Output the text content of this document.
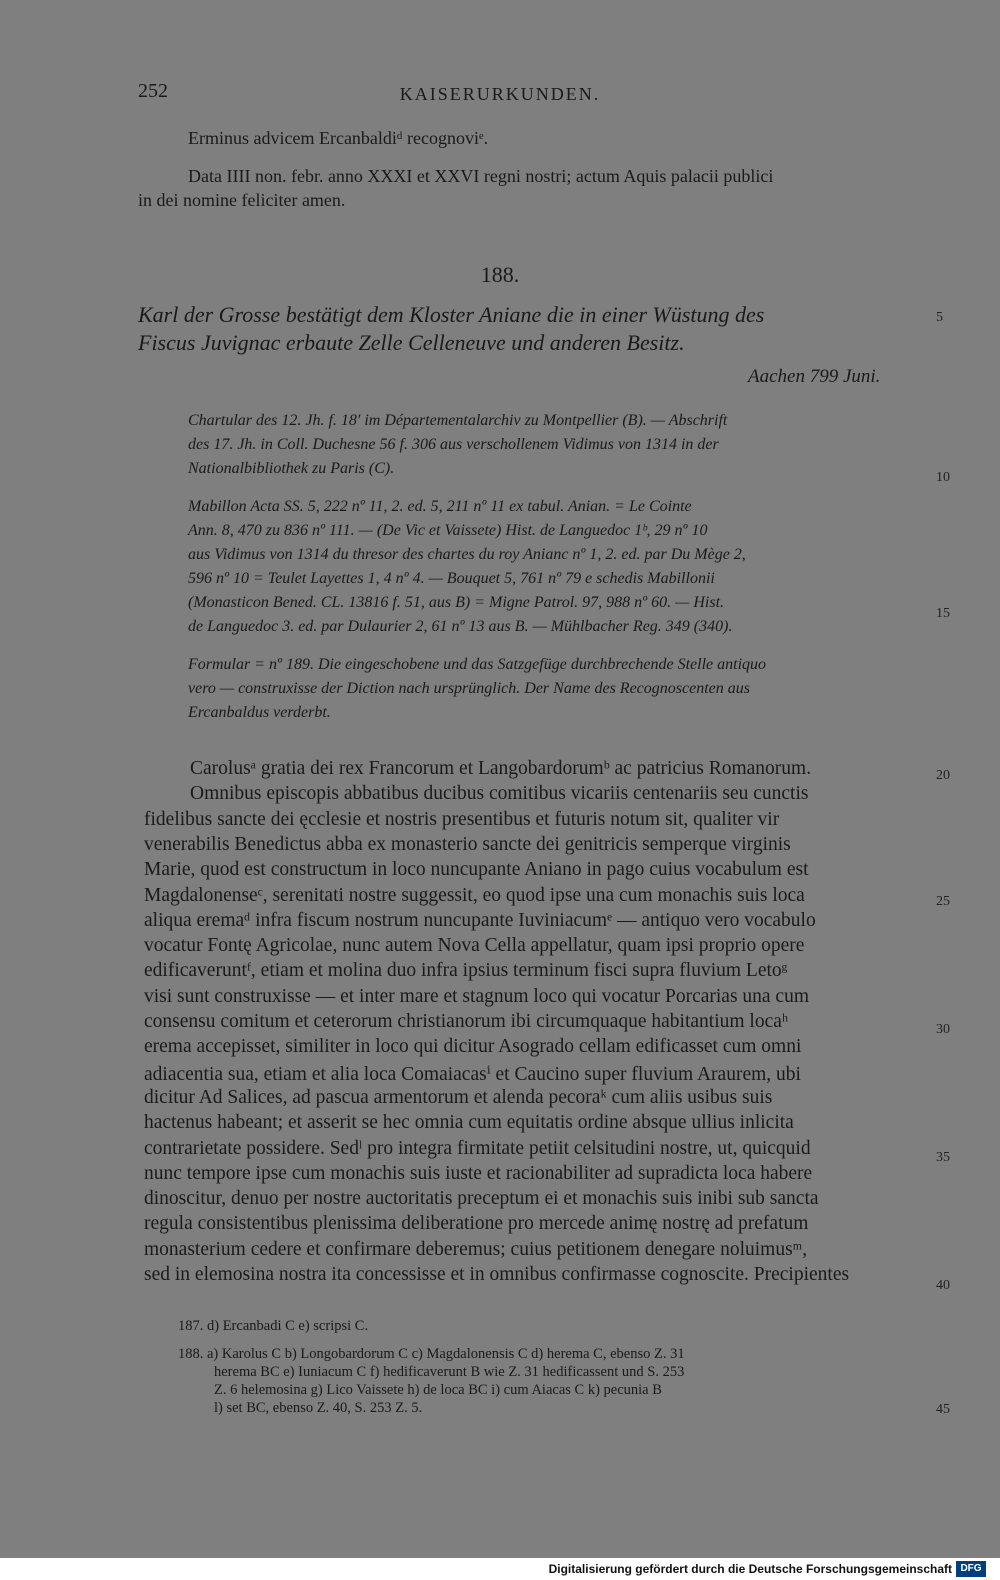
252	KAISERURKUNDEN.
Erminus advicem Ercanbaldiᵈ recognoviᵉ.
Data IIII non. febr. anno XXXI et XXVI regni nostri; actum Aquis palacii publici
in dei nomine feliciter amen.
188.
Karl der Grosse bestätigt dem Kloster Aniane die in einer Wüstung des
Fiscus Juvignac erbaute Zelle Celleneuve und anderen Besitz.
5
Aachen 799 Juni.
Chartular des 12. Jh. f. 18' im Départementalarchiv zu Montpellier (B). — Abschrift
des 17. Jh. in Coll. Duchesne 56 f. 306 aus verschollenem Vidimus von 1314 in der
Nationalbibliothek zu Paris (C).
10
Mabillon Acta SS. 5, 222 nº 11, 2. ed. 5, 211 nº 11 ex tabul. Anian. = Le Cointe
Ann. 8, 470 zu 836 nº 111. — (De Vic et Vaissete) Hist. de Languedoc 1ᵇ, 29 nº 10
aus Vidimus von 1314 du thresor des chartes du roy Anianc nº 1, 2. ed. par Du Mège 2,
596 nº 10 = Teulet Layettes 1, 4 nº 4. — Bouquet 5, 761 nº 79 e schedis Mabillonii
(Monasticon Bened. CL. 13816 f. 51, aus B) = Migne Patrol. 97, 988 nº 60. — Hist.
de Languedoc 3. ed. par Dulaurier 2, 61 nº 13 aus B. — Mühlbacher Reg. 349 (340).
15
Formular = nº 189. Die eingeschobene und das Satzgefüge durchbrechende Stelle antiquo
vero — construxisse der Diction nach ursprünglich. Der Name des Recognoscenten aus
Ercanbaldus verderbt.
Carolusᵃ gratia dei rex Francorum et Langobardorumᵇ ac patricius Romanorum.
Omnibus episcopis abbatibus ducibus comitibus vicariis centenariis seu cunctis
fidelibus sancte dei ęcclesie et nostris presentibus et futuris notum sit, qualiter vir
venerabilis Benedictus abba ex monasterio sancte dei genitricis semperque virginis
Marie, quod est constructum in loco nuncupante Aniano in pago cuius vocabulum est
Magdalonenseᶜ, serenitati nostre suggessit, eo quod ipse una cum monachis suis loca
aliqua eremaᵈ infra fiscum nostrum nuncupante Iuviniacumᵉ — antiquo vero vocabulo
vocatur Fontę Agricolae, nunc autem Nova Cella appellatur, quam ipsi proprio opere
edificaveruntᶠ, etiam et molina duo infra ipsius terminum fisci supra fluvium Letoᵍ
visi sunt construxisse — et inter mare et stagnum loco qui vocatur Porcarias una cum
consensu comitum et ceterorum christianorum ibi circumquaque habitantium locaʰ
erema accepisset, similiter in loco qui dicitur Asogrado cellam edificasset cum omni
adiacentia sua, etiam et alia loca Comaiacasⁱ et Caucino super fluvium Araurem, ubi
dicitur Ad Salices, ad pascua armentorum et alenda pecoraᵏ cum aliis usibus suis
hactenus habeant; et asserit se hec omnia cum equitatis ordine absque ullius inlicita
contrarietate possidere. Sedˡ pro integra firmitate petiit celsitudini nostre, ut, quicquid
nunc tempore ipse cum monachis suis iuste et racionabiliter ad supradicta loca habere
dinoscitur, denuo per nostre auctoritatis preceptum ei et monachis suis inibi sub sancta
regula consistentibus plenissima deliberatione pro mercede animę nostrę ad prefatum
monasterium cedere et confirmare deberemus; cuius petitionem denegare noluimusᵐ,
sed in elemosina nostra ita concessisse et in omnibus confirmasse cognoscite. Precipientes
20
25
30
35
40
187. d) Ercanbadi C e) scripsi C.
188. a) Karolus C b) Longobardorum C c) Magdalonensis C d) herema C, ebenso Z. 31
herema BC e) Iuniacum C f) hedificaverunt B wie Z. 31 hedificassent und S. 253
Z. 6 helemosina g) Lico Vaissete h) de loca BC i) cum Aiacas C k) pecunia B
l) set BC, ebenso Z. 40, S. 253 Z. 5.	45
Digitalisierung gefördert durch die Deutsche Forschungsgemeinschaft DFG
